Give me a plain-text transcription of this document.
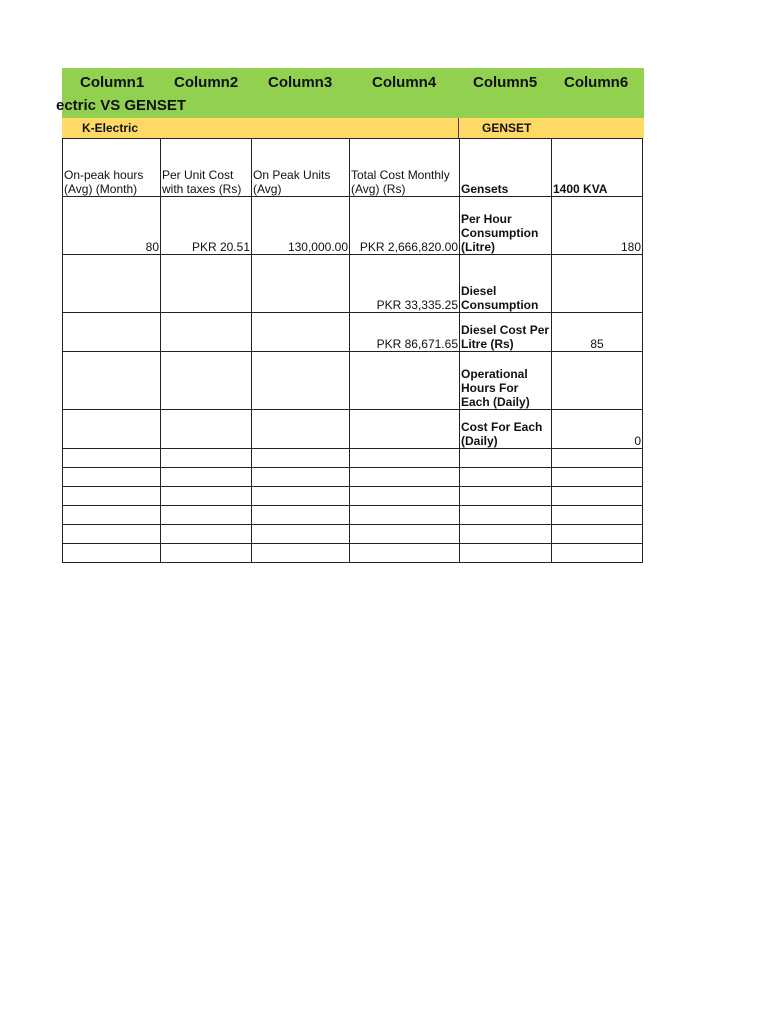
Column1 Column2 Column3	Column4 Column5 Column6
ectric VS GENSET
K-Electric	GENSET
On-peak hours (Avg) (Month)	Per Unit Cost with taxes (Rs)	On Peak Units (Avg)	Total Cost Monthly (Avg) (Rs)	Gensets	1400 KVA
80	PKR 20.51	130,000.00	PKR 2,666,820.00	Per Hour Consumption (Litre)	180
			PKR 33,335.25	Diesel Consumption	
			PKR 86,671.65	Diesel Cost Per Litre (Rs)	85
				Operational Hours For Each (Daily)	
				Cost For Each (Daily)	0
